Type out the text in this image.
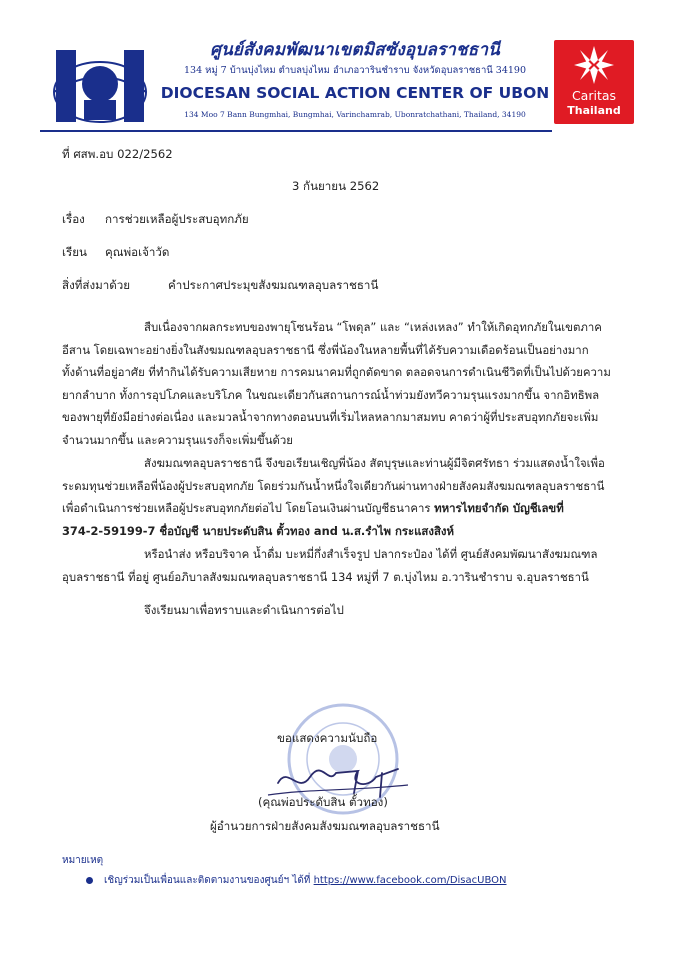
ศูนย์สังคมพัฒนาเขตมิสซังอุบลราชธานี
134 หมู่ 7 บ้านบุ่งไหม ตำบลบุ่งไหม อำเภอวารินชำราบ จังหวัดอุบลราชธานี 34190
DIOCESAN SOCIAL ACTION CENTER OF UBON
134 Moo 7 Bann Bungmhai, Bungmhai, Varinchamrab, Ubonratchathani, Thailand, 34190
Caritas
Thailand
ที่ ศสพ.อบ 022/2562
3 กันยายน 2562
เรื่อง การช่วยเหลือผู้ประสบอุทกภัย
เรียน คุณพ่อเจ้าวัด
สิ่งที่ส่งมาด้วย	คำประกาศประมุขสังฆมณฑลอุบลราชธานี
สืบเนื่องจากผลกระทบของพายุโซนร้อน “โพดุล” และ “เหล่งเหลง” ทำให้เกิดอุทกภัยในเขตภาค
อีสาน โดยเฉพาะอย่างยิ่งในสังฆมณฑลอุบลราชธานี ซึ่งพี่น้องในหลายพื้นที่ได้รับความเดือดร้อนเป็นอย่างมาก
ทั้งด้านที่อยู่อาศัย ที่ทำกินได้รับความเสียหาย การคมนาคมที่ถูกตัดขาด ตลอดจนการดำเนินชีวิตที่เป็นไปด้วยความ
ยากลำบาก ทั้งการอุปโภคและบริโภค ในขณะเดียวกันสถานการณ์น้ำท่วมยังทวีความรุนแรงมากขึ้น จากอิทธิพล
ของพายุที่ยังมีอย่างต่อเนื่อง และมวลน้ำจากทางตอนบนที่เริ่มไหลหลากมาสมทบ คาดว่าผู้ที่ประสบอุทกภัยจะเพิ่ม
จำนวนมากขึ้น และความรุนแรงก็จะเพิ่มขึ้นด้วย
สังฆมณฑลอุบลราชธานี จึงขอเรียนเชิญพี่น้อง สัตบุรุษและท่านผู้มีจิตศรัทธา ร่วมแสดงน้ำใจเพื่อ
ระดมทุนช่วยเหลือพี่น้องผู้ประสบอุทกภัย โดยร่วมกันน้ำหนึ่งใจเดียวกันผ่านทางฝ่ายสังคมสังฆมณฑลอุบลราชธานี
เพื่อดำเนินการช่วยเหลือผู้ประสบอุทกภัยต่อไป โดยโอนเงินผ่านบัญชีธนาคาร ทหารไทยจำกัด บัญชีเลขที่
374-2-59199-7 ชื่อบัญชี นายประดับสิน ตั้วทอง and น.ส.รำไพ กระแสงสิงห์
หรือนำส่ง หรือบริจาค น้ำดื่ม บะหมี่กึ่งสำเร็จรูป ปลากระป๋อง ได้ที่ ศูนย์สังคมพัฒนาสังฆมณฑล
อุบลราชธานี ที่อยู่ ศูนย์อภิบาลสังฆมณฑลอุบลราชธานี 134 หมู่ที่ 7 ต.บุ่งไหม อ.วารินชำราบ จ.อุบลราชธานี
จึงเรียนมาเพื่อทราบและดำเนินการต่อไป
ขอแสดงความนับถือ
(คุณพ่อประดับสิน ตั้วทอง)
ผู้อำนวยการฝ่ายสังคมสังฆมณฑลอุบลราชธานี
หมายเหตุ
เชิญร่วมเป็นเพื่อนและติดตามงานของศูนย์ฯ ได้ที่ https://www.facebook.com/DisacUBON
